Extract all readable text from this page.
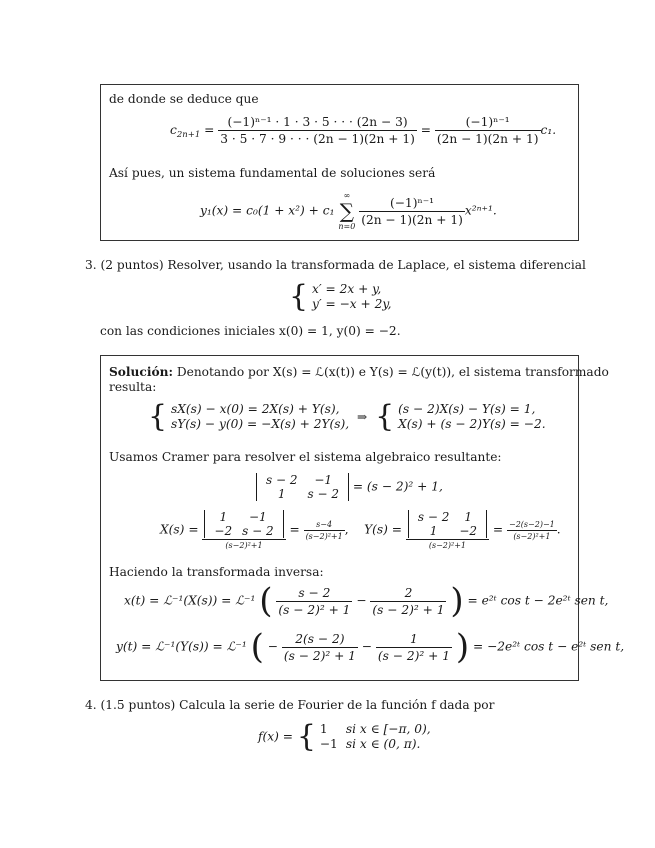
de donde se deduce que
$c_{2n+1} = \frac{\text{(−1)ⁿ⁻¹ · 1 · 3 · 5 · · · (2n − 3)}}{3 \cdot 5 \cdot 7 \cdot 9 \cdot \cdot \cdot (2n - 1)(2n + 1)} = \frac{\text{(−1)ⁿ⁻¹}}{(2n - 1)(2n + 1)} c_1$.
Así pues, un sistema fundamental de soluciones será
y₁(x) = c₀(1 + x²) + c₁
∞
∑
n=0
$\frac{\text{(−1)ⁿ⁻¹}}{(2n - 1)(2n + 1)} x^{2n+1}$.
3. (2 puntos) Resolver, usando la transformada de Laplace, el sistema diferencial
{ x′ = 2x + y,
y′ = −x + 2y,
con las condiciones iniciales x(0) = 1, y(0) = −2.
Solución: Denotando por X(s) = ℒ(x(t)) e Y(s) = ℒ(y(t)), el sistema transformado
resulta:
{ sX(s) − x(0) = 2X(s) + Y(s),
sY(s) − y(0) = −X(s) + 2Y(s),
⇒ { (s − 2)X(s) − Y(s) = 1,
X(s) + (s − 2)Y(s) = −2.
Usamos Cramer para resolver el sistema algebraico resultante:
s − 2	−1
1	s − 2
= (s − 2)² + 1,
X(s) = 1	−1
−2	s − 2
$(s-2)^2+1 = \frac{s-4}{\text{(s−2)²+1}}$ , Y(s) = s − 2	1
1	−2
$(s-2)^2+1 = \frac{-2(s-2)-1}{\text{(s−2)²+1}}$ .
Haciendo la transformada inversa:
x(t) = ℒ⁻¹(X(s)) = ℒ⁻¹ ( $\frac{s - 2}{\text{(s − 2)² + 1}} - \frac{2}{\text{(s − 2)² + 1}}$ ) = e²ᵗ cos t − 2e²ᵗ sen t,
y(t) = ℒ⁻¹(Y(s)) = ℒ⁻¹ ( − $\frac{2(s - 2)}{\text{(s − 2)² + 1}} - \frac{1}{\text{(s − 2)² + 1}}$ ) = −2e²ᵗ cos t − e²ᵗ sen t,
4. (1.5 puntos) Calcula la serie de Fourier de la función f dada por
f(x) = { 1 si x ∈ [−π, 0),
−1 si x ∈ (0, π).
